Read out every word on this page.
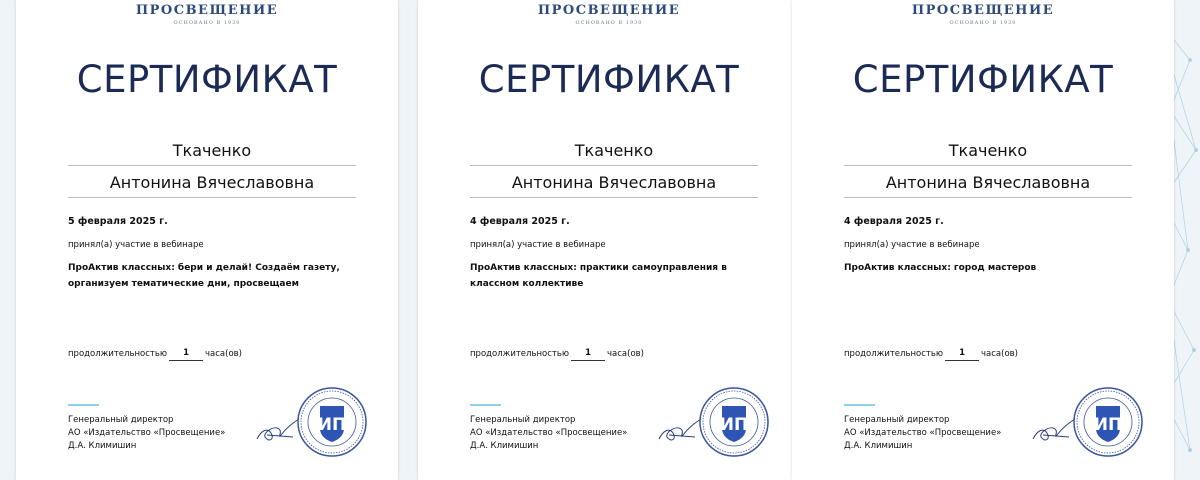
ПРОСВЕЩЕНИЕ
ОСНОВАНО В 1930
СЕРТИФИКАТ
Ткаченко
Антонина Вячеславовна
5 февраля 2025 г.
принял(а) участие в вебинаре
ПроАктив классных: бери и делай! Создаём газету, организуем тематические дни, просвещаем
продолжительностью	1	часа(ов)
Генеральный директор
АО «Издательство «Просвещение»
Д.А. Климишин
ИП
ПРОСВЕЩЕНИЕ
ОСНОВАНО В 1930
СЕРТИФИКАТ
Ткаченко
Антонина Вячеславовна
4 февраля 2025 г.
принял(а) участие в вебинаре
ПроАктив классных: практики самоуправления в классном коллективе
продолжительностью	1	часа(ов)
Генеральный директор
АО «Издательство «Просвещение»
Д.А. Климишин
ИП
ПРОСВЕЩЕНИЕ
ОСНОВАНО В 1930
СЕРТИФИКАТ
Ткаченко
Антонина Вячеславовна
4 февраля 2025 г.
принял(а) участие в вебинаре
ПроАктив классных: город мастеров
продолжительностью	1	часа(ов)
Генеральный директор
АО «Издательство «Просвещение»
Д.А. Климишин
ИП
